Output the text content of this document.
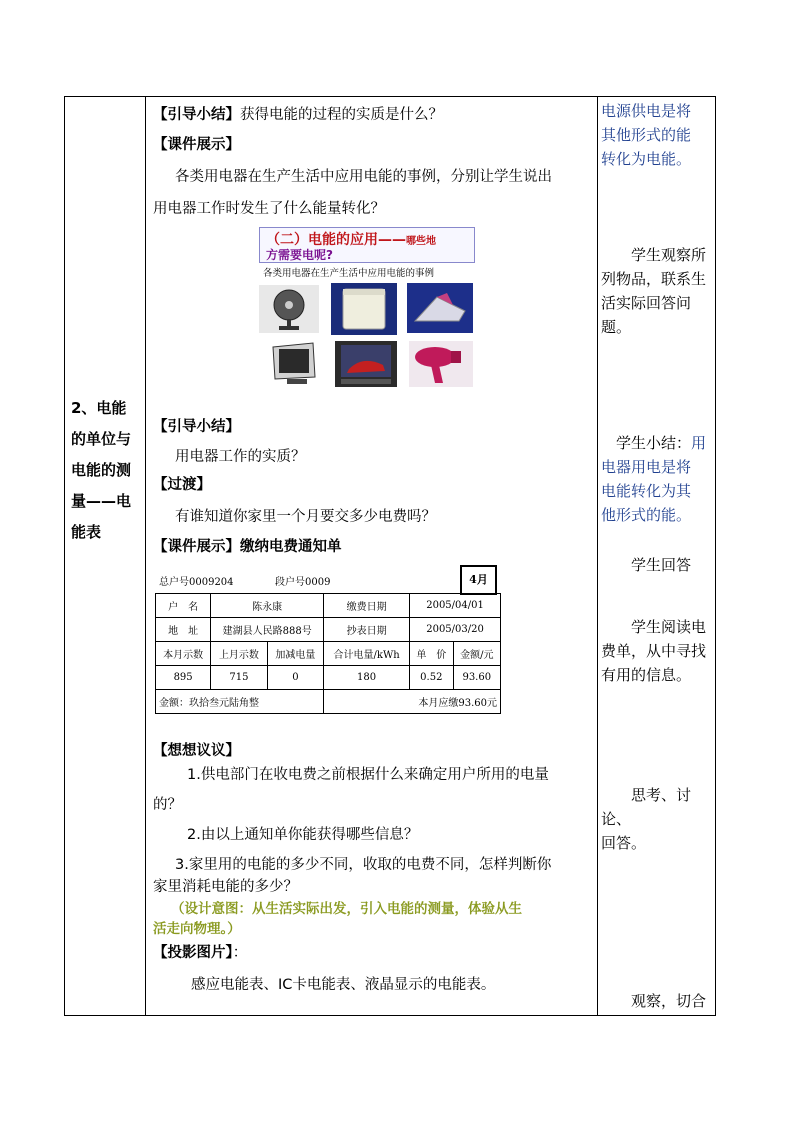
2、电能的单位与电能的测量——电能表
【引导小结】获得电能的过程的实质是什么？
【课件展示】
各类用电器在生产生活中应用电能的事例，分别让学生说出
用电器工作时发生了什么能量转化？
（二）电能的应用——哪些地
方需要电呢?
各类用电器在生产生活中应用电能的事例
【引导小结】
用电器工作的实质？
【过渡】
有谁知道你家里一个月要交多少电费吗？
【课件展示】缴纳电费通知单
总户号0009204	段户号0009	4月
户　名	陈永康		缴费日期	2005/04/01	
地　址	建湖县人民路888号		抄表日期	2005/03/20	
本月示数	上月示数	加减电量	合计电量/kWh	单　价	金额/元
895	715	0	180	0.52	93.60
金额：玖拾叁元陆角整			本月应缴93.60元		
【想想议议】
1.供电部门在收电费之前根据什么来确定用户所用的电量
的？
2.由以上通知单你能获得哪些信息？
3.家里用的电能的多少不同，收取的电费不同，怎样判断你
家里消耗电能的多少？
（设计意图：从生活实际出发，引入电能的测量，体验从生
活走向物理。）
【投影图片】：
感应电能表、IC卡电能表、液晶显示的电能表。
电源供电是将
其他形式的能
转化为电能。
　　学生观察所
列物品，联系生
活实际回答问
题。
　学生小结：用
电器用电是将
电能转化为其
他形式的能。
　　学生回答
　　学生阅读电
费单，从中寻找
有用的信息。
　　思考、讨论、
回答。
　　观察，切合
